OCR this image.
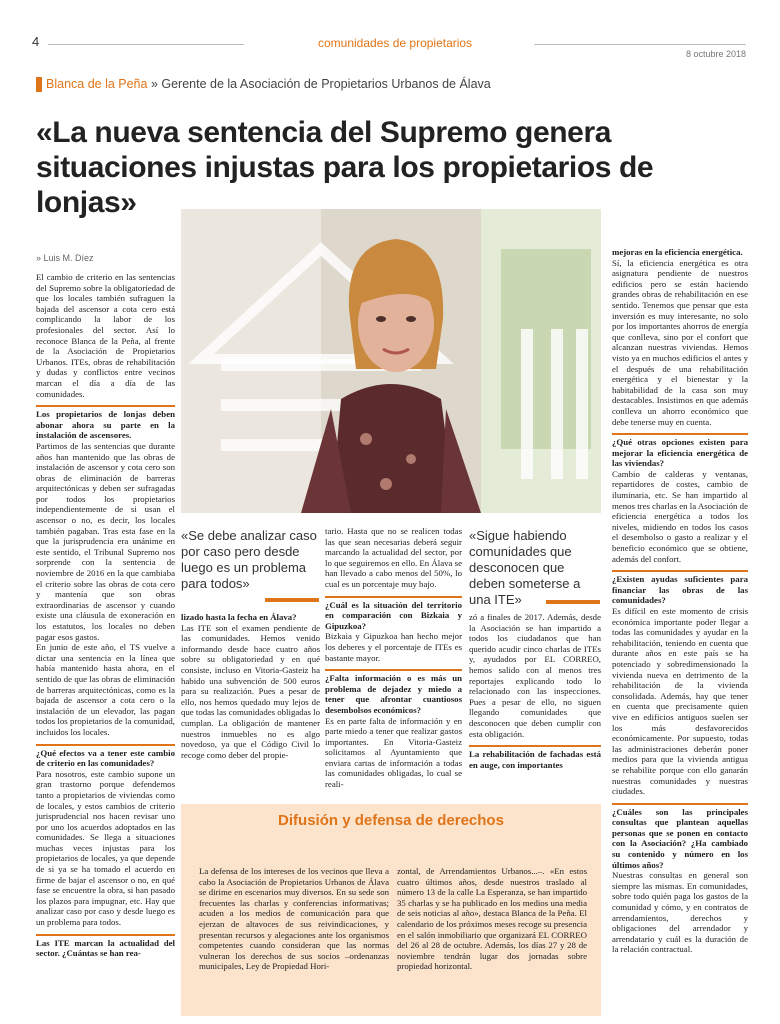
4	comunidades de propietarios
8 octubre 2018
Blanca de la Peña » Gerente de la Asociación de Propietarios Urbanos de Álava
«La nueva sentencia del Supremo genera situaciones injustas para los propietarios de lonjas»
» Luis M. Díez

El cambio de criterio en las sentencias del Supremo sobre la obligatoriedad de que los locales también sufraguen la bajada del ascensor a cota cero está complicando la labor de los profesionales del sector. Así lo reconoce Blanca de la Peña, al frente de la Asociación de Propietarios Urbanos. ITEs, obras de rehabilitación y dudas y conflictos entre vecinos marcan el día a día de las comunidades.

Los propietarios de lonjas deben abonar ahora su parte en la instalación de ascensores.

Partimos de las sentencias que durante años han mantenido que las obras de instalación de ascensor y cota cero son obras de eliminación de barreras arquitectónicas y deben ser sufragadas por todos los propietarios independientemente de si usan el ascensor o no, es decir, los locales también pagaban. Tras esta fase en la que la jurisprudencia era unánime en este sentido, el Tribunal Supremo nos sorprende con la sentencia de noviembre de 2016 en la que cambiaba el criterio sobre las obras de cota cero y mantenía que son obras extraordinarias de ascensor y cuando existe una cláusula de exoneración en los estatutos, los locales no deben pagar esos gastos.

En junio de este año, el TS vuelve a dictar una sentencia en la línea que había mantenido hasta ahora, en el sentido de que las obras de eliminación de barreras arquitectónicas, como es la bajada de ascensor a cota cero o la instalación de un elevador, las pagan todos los propietarios de la comunidad, incluidos los locales.

¿Qué efectos va a tener este cambio de criterio en las comunidades?

Para nosotros, este cambio supone un gran trastorno porque defendemos tanto a propietarios de viviendas como de locales, y estos cambios de criterio jurisprudencial nos hacen revisar uno por uno los acuerdos adoptados en las comunidades. Se llega a situaciones muchas veces injustas para los propietarios de locales, ya que depende de si ya se ha tomado el acuerdo en firme de bajar el ascensor o no, en qué fase se encuentre la obra, si han pasado los plazos para impugnar, etc. Hay que analizar caso por caso y desde luego es un problema para todos.

Las ITE marcan la actualidad del sector. ¿Cuántas se han rea-

«Se debe analizar caso por caso pero desde luego es un problema para todos»

lizado hasta la fecha en Álava?

Las ITE son el examen pendiente de las comunidades. Hemos venido informando desde hace cuatro años sobre su obligatoriedad y en qué consiste, incluso en Vitoria-Gasteiz ha habido una subvención de 500 euros para su realización. Pues a pesar de ello, nos hemos quedado muy lejos de que todas las comunidades obligadas lo cumplan. La obligación de mantener nuestros inmuebles no es algo novedoso, ya que el Código Civil lo recoge como deber del propie-

tario. Hasta que no se realicen todas las que sean necesarias deberá seguir marcando la actualidad del sector, por lo que seguiremos en ello. En Álava se han llevado a cabo menos del 50%, lo cual es un porcentaje muy bajo.

¿Cuál es la situación del territorio en comparación con Bizkaia y Gipuzkoa?

Bizkaia y Gipuzkoa han hecho mejor los deberes y el porcentaje de ITEs es bastante mayor.

¿Falta información o es más un problema de dejadez y miedo a tener que afrontar cuantiosos desembolsos económicos?

Es en parte falta de información y en parte miedo a tener que realizar gastos importantes. En Vitoria-Gasteiz solicitamos al Ayuntamiento que enviara cartas de información a todas las comunidades obligadas, lo cual se reali-

«Sigue habiendo comunidades que desconocen que deben someterse a una ITE»

zó a finales de 2017. Además, desde la Asociación se han impartido a todos los ciudadanos que han querido acudir cinco charlas de ITEs y, ayudados por EL CORREO, hemos salido con al menos tres reportajes explicando todo lo relacionado con las inspecciones. Pues a pesar de ello, no siguen llegando comunidades que desconocen que deben cumplir con esta obligación.

La rehabilitación de fachadas está en auge, con importantes

mejoras en la eficiencia energética.

Sí, la eficiencia energética es otra asignatura pendiente de nuestros edificios pero se están haciendo grandes obras de rehabilitación en ese sentido. Tenemos que pensar que esta inversión es muy interesante, no solo por los importantes ahorros de energía que conlleva, sino por el confort que alcanzan nuestras viviendas. Hemos visto ya en muchos edificios el antes y el después de una rehabilitación energética y el bienestar y la habitabilidad de la casa son muy destacables. Insistimos en que además conlleva un ahorro económico que debe tenerse muy en cuenta.

¿Qué otras opciones existen para mejorar la eficiencia energética de las viviendas?

Cambio de calderas y ventanas, repartidores de costes, cambio de iluminaria, etc. Se han impartido al menos tres charlas en la Asociación de eficiencia energética a todos los niveles, midiendo en todos los casos el desembolso o gasto a realizar y el beneficio económico que se obtiene, además del confort.

¿Existen ayudas suficientes para financiar las obras de las comunidades?

Es difícil en este momento de crisis económica importante poder llegar a todas las comunidades y ayudar en la rehabilitación, teniendo en cuenta que durante años en este país se ha potenciado y sobredimensionado la vivienda nueva en detrimento de la rehabilitación de la vivienda consolidada. Además, hay que tener en cuenta que precisamente quien vive en edificios antiguos suelen ser los más desfavorecidos económicamente. Por supuesto, todas las administraciones deberán poner medios para que la vivienda antigua se rehabilite porque con ello ganarán nuestras comunidades y nuestras ciudades.

¿Cuáles son las principales consultas que plantean aquellas personas que se ponen en contacto con la Asociación? ¿Ha cambiado su contenido y número en los últimos años?

Nuestras consultas en general son siempre las mismas. En comunidades, sobre todo quién paga los gastos de la comunidad y cómo, y en contratos de arrendamientos, derechos y obligaciones del arrendador y arrendatario y cuál es la duración de la relación contractual.

Difusión y defensa de derechos
La defensa de los intereses de los vecinos que lleva a cabo la Asociación de Propietarios Urbanos de Álava se dirime en escenarios muy diversos. En su sede son frecuentes las charlas y conferencias informativas; acuden a los medios de comunicación para que ejerzan de altavoces de sus reivindicaciones, y presentan recursos y alegaciones ante los organismos competentes cuando consideran que las normas vulneran los derechos de sus socios –ordenanzas municipales, Ley de Propiedad Hori-
zontal, de Arrendamientos Urbanos...–. «En estos cuatro últimos años, desde nuestros traslado al número 13 de la calle La Esperanza, se han impartido 35 charlas y se ha publicado en los medios una media de seis noticias al año», destaca Blanca de la Peña. El calendario de los próximos meses recoge su presencia en el salón inmobiliario que organizará EL CORREO del 26 al 28 de octubre. Además, los días 27 y 28 de noviembre tendrán lugar dos jornadas sobre propiedad horizontal.
